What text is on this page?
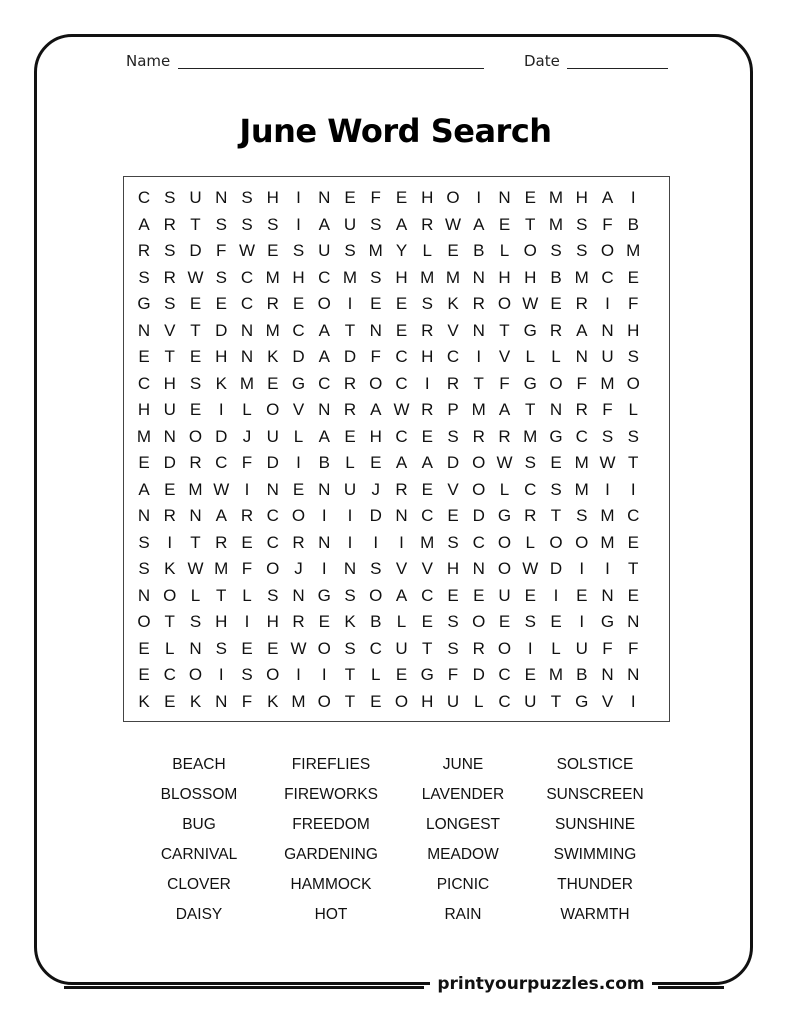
Name	Date
June Word Search
C S U N S H	I	N E F E H O I	N E M H A	I
A R T S S S	I	A U S A R W A E T M S F B
R S D F W E S U S M Y L E B L O S S O M
S R W S C M H C M S H M M N H H B M C E
G S E E C R E O I	E E S K R O W E R	I	F
N V T D N M C A T N E R V N T G R A N H
E T E H N K D A D F C H C	I	V L L N U S
C H S K M E G C R O C	I	R T F G O F M O
H U E	I	L O V N R A W R P M A T N R F L
M N O D J U L A E H C E S R R M G C S S
E D R C F D	I	B L E A A D O W S E M W T
A E M W I	N E N U J R E V O L C S M I	I
N R N A R C O I	I	D N C E D G R T S M C
S	I	T R E C R N	I	I	I M S C O L O O M E
S K W M F O J	I	N S V V H N O W D	I	I	T
N O L T L S N G S O A C E E U E	I	E N E
O T S H	I	H R E K B L E S O E S E	I G N
E L N S E E W O S C U T S R O I	L U F F
E C O I	S O I	I	T L E G F D C E M B N N
K E K N F K M O T E O H U L C U T G V	I
BEACH	FIREFLIES	JUNE	SOLSTICE
BLOSSOM	FIREWORKS	LAVENDER	SUNSCREEN
BUG	FREEDOM	LONGEST	SUNSHINE
CARNIVAL	GARDENING	MEADOW	SWIMMING
CLOVER	HAMMOCK	PICNIC	THUNDER
DAISY	HOT	RAIN	WARMTH
printyourpuzzles.com
